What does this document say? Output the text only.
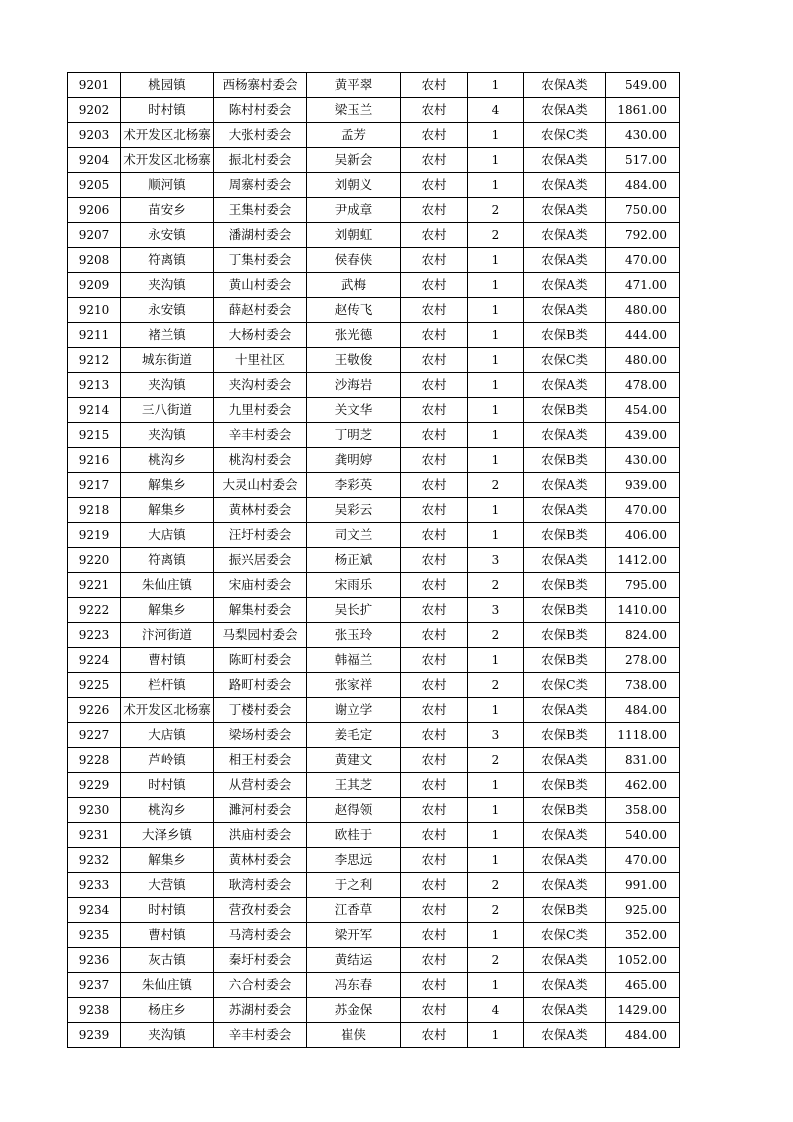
9201	桃园镇	西杨寨村委会	黄平翠	农村	1	农保A类	549.00
9202	时村镇	陈村村委会	梁玉兰	农村	4	农保A类	1861.00
9203	术开发区北杨寨	大张村委会	孟芳	农村	1	农保C类	430.00
9204	术开发区北杨寨	振北村委会	吴新会	农村	1	农保A类	517.00
9205	顺河镇	周寨村委会	刘朝义	农村	1	农保A类	484.00
9206	苗安乡	王集村委会	尹成章	农村	2	农保A类	750.00
9207	永安镇	潘湖村委会	刘朝虹	农村	2	农保A类	792.00
9208	符离镇	丁集村委会	侯春侠	农村	1	农保A类	470.00
9209	夹沟镇	黄山村委会	武梅	农村	1	农保A类	471.00
9210	永安镇	薛赵村委会	赵传飞	农村	1	农保A类	480.00
9211	褚兰镇	大杨村委会	张光德	农村	1	农保B类	444.00
9212	城东街道	十里社区	王敬俊	农村	1	农保C类	480.00
9213	夹沟镇	夹沟村委会	沙海岩	农村	1	农保A类	478.00
9214	三八街道	九里村委会	关文华	农村	1	农保B类	454.00
9215	夹沟镇	辛丰村委会	丁明芝	农村	1	农保A类	439.00
9216	桃沟乡	桃沟村委会	龚明婷	农村	1	农保B类	430.00
9217	解集乡	大灵山村委会	李彩英	农村	2	农保A类	939.00
9218	解集乡	黄林村委会	吴彩云	农村	1	农保A类	470.00
9219	大店镇	汪圩村委会	司文兰	农村	1	农保B类	406.00
9220	符离镇	振兴居委会	杨正斌	农村	3	农保A类	1412.00
9221	朱仙庄镇	宋庙村委会	宋雨乐	农村	2	农保B类	795.00
9222	解集乡	解集村委会	吴长扩	农村	3	农保B类	1410.00
9223	汴河街道	马梨园村委会	张玉玲	农村	2	农保B类	824.00
9224	曹村镇	陈町村委会	韩福兰	农村	1	农保B类	278.00
9225	栏杆镇	路町村委会	张家祥	农村	2	农保C类	738.00
9226	术开发区北杨寨	丁楼村委会	谢立学	农村	1	农保A类	484.00
9227	大店镇	梁场村委会	姜毛定	农村	3	农保B类	1118.00
9228	芦岭镇	相王村委会	黄建文	农村	2	农保A类	831.00
9229	时村镇	从营村委会	王其芝	农村	1	农保B类	462.00
9230	桃沟乡	濉河村委会	赵得领	农村	1	农保B类	358.00
9231	大泽乡镇	洪庙村委会	欧桂于	农村	1	农保A类	540.00
9232	解集乡	黄林村委会	李思远	农村	1	农保A类	470.00
9233	大营镇	耿湾村委会	于之利	农村	2	农保A类	991.00
9234	时村镇	营孜村委会	江香草	农村	2	农保B类	925.00
9235	曹村镇	马湾村委会	梁开军	农村	1	农保C类	352.00
9236	灰古镇	秦圩村委会	黄结运	农村	2	农保A类	1052.00
9237	朱仙庄镇	六合村委会	冯东春	农村	1	农保A类	465.00
9238	杨庄乡	苏湖村委会	苏金保	农村	4	农保A类	1429.00
9239	夹沟镇	辛丰村委会	崔侠	农村	1	农保A类	484.00
